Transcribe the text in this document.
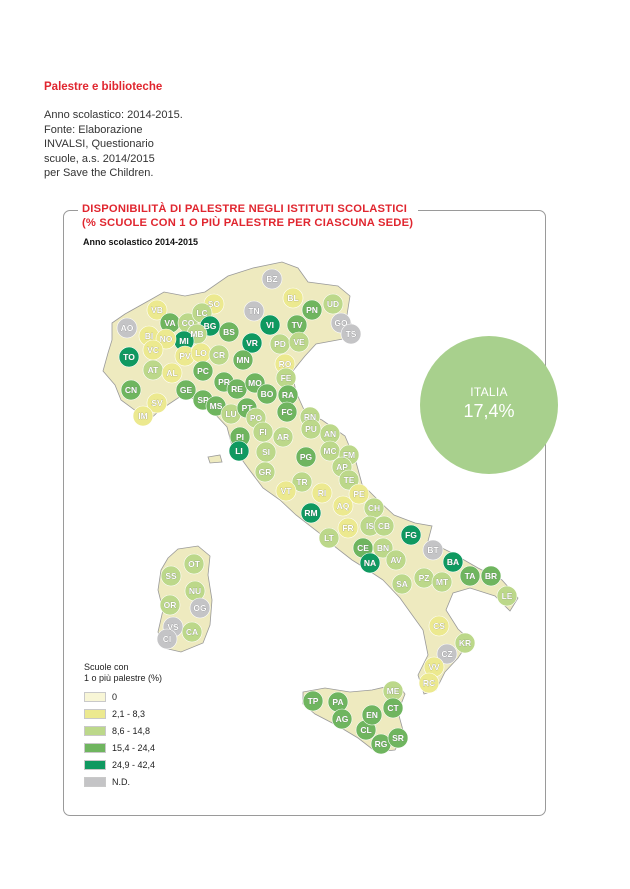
Palestre e biblioteche
Anno scolastico: 2014-2015.
Fonte: Elaborazione
INVALSI, Questionario
scuole, a.s. 2014/2015
per Save the Children.
DISPONIBILITÀ DI PALESTRE NEGLI ISTITUTI SCOLASTICI
(% SCUOLE CON 1 O PIÙ PALESTRE PER CIASCUNA SEDE)
Anno scolastico 2014-2015
BZ
TN
BL
UD
PN
GO
TS
TV
VI
VR PD VE
RO
SO
VB
VA CO
LC
BG
BS
MB
MI
AO
BI NO
VC
TO
CN
AT AL
PV LO CR MN
PC
PR
RE
MO
BO
FE
RA
FC RN
GE
SV
IM
SP
MS
LU
PT
PO
FI AR
PI
LI SI
GR
PU AN
MC FM
AP
PG
TR
VT	RI
TE
PE
CH
AQ
RM
LT
FR IS CB
CE BN
NA AV
SA
FG
BT
BA
TA BR
LE
PZ MT
CS
KR
CZ
VV
RC
OT
SS
NU
OR OG
VS
CI
CA
TP PA
ME
AG
CL
EN
CT
RG
SR
ITALIA
17,4%
Scuole con
1 o più palestre (%)
0
2,1 - 8,3
8,6 - 14,8
15,4 - 24,4
24,9 - 42,4
N.D.
